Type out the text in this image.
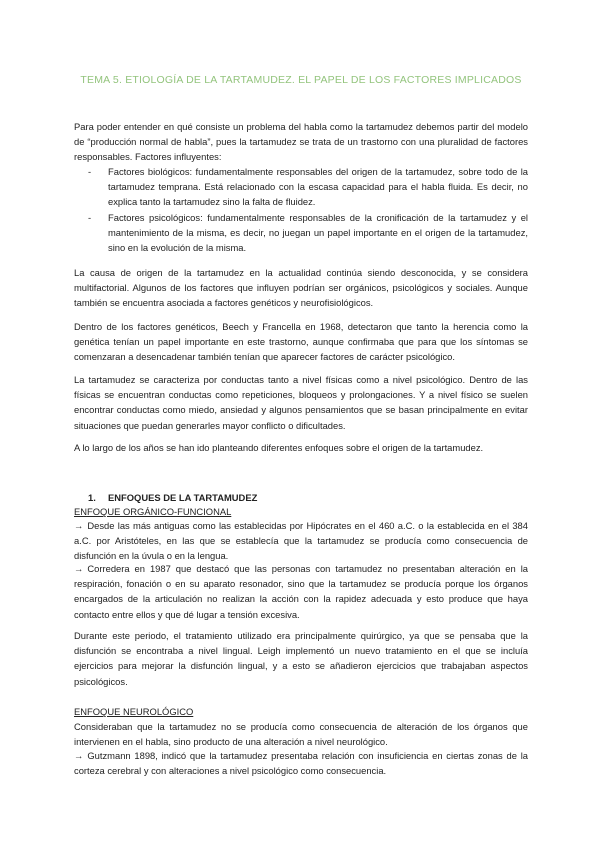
TEMA 5. ETIOLOGÍA DE LA TARTAMUDEZ. EL PAPEL DE LOS FACTORES IMPLICADOS

Para poder entender en qué consiste un problema del habla como la tartamudez debemos partir del modelo de “producción normal de habla”, pues la tartamudez se trata de un trastorno con una pluralidad de factores responsables. Factores influyentes:

- Factores biológicos: fundamentalmente responsables del origen de la tartamudez, sobre todo de la tartamudez temprana. Está relacionado con la escasa capacidad para el habla fluida. Es decir, no explica tanto la tartamudez sino la falta de fluidez.
- Factores psicológicos: fundamentalmente responsables de la cronificación de la tartamudez y el mantenimiento de la misma, es decir, no juegan un papel importante en el origen de la tartamudez, sino en la evolución de la misma.

La causa de origen de la tartamudez en la actualidad continúa siendo desconocida, y se considera multifactorial. Algunos de los factores que influyen podrían ser orgánicos, psicológicos y sociales. Aunque también se encuentra asociada a factores genéticos y neurofisiológicos.

Dentro de los factores genéticos, Beech y Francella en 1968, detectaron que tanto la herencia como la genética tenían un papel importante en este trastorno, aunque confirmaba que para que los síntomas se comenzaran a desencadenar también tenían que aparecer factores de carácter psicológico.

La tartamudez se caracteriza por conductas tanto a nivel físicas como a nivel psicológico. Dentro de las físicas se encuentran conductas como repeticiones, bloqueos y prolongaciones. Y a nivel físico se suelen encontrar conductas como miedo, ansiedad y algunos pensamientos que se basan principalmente en evitar situaciones que puedan generarles mayor conflicto o dificultades.

A lo largo de los años se han ido planteando diferentes enfoques sobre el origen de la tartamudez.

1. ENFOQUES DE LA TARTAMUDEZ
ENFOQUE ORGÁNICO-FUNCIONAL

→ Desde las más antiguas como las establecidas por Hipócrates en el 460 a.C. o la establecida en el 384 a.C. por Aristóteles, en las que se establecía que la tartamudez se producía como consecuencia de disfunción en la úvula o en la lengua.

→ Corredera en 1987 que destacó que las personas con tartamudez no presentaban alteración en la respiración, fonación o en su aparato resonador, sino que la tartamudez se producía porque los órganos encargados de la articulación no realizan la acción con la rapidez adecuada y esto produce que haya contacto entre ellos y que dé lugar a tensión excesiva.

Durante este periodo, el tratamiento utilizado era principalmente quirúrgico, ya que se pensaba que la disfunción se encontraba a nivel lingual. Leigh implementó un nuevo tratamiento en el que se incluía ejercicios para mejorar la disfunción lingual, y a esto se añadieron ejercicios que trabajaban aspectos psicológicos.

ENFOQUE NEUROLÓGICO

Consideraban que la tartamudez no se producía como consecuencia de alteración de los órganos que intervienen en el habla, sino producto de una alteración a nivel neurológico.

→ Gutzmann 1898, indicó que la tartamudez presentaba relación con insuficiencia en ciertas zonas de la corteza cerebral y con alteraciones a nivel psicológico como consecuencia.
